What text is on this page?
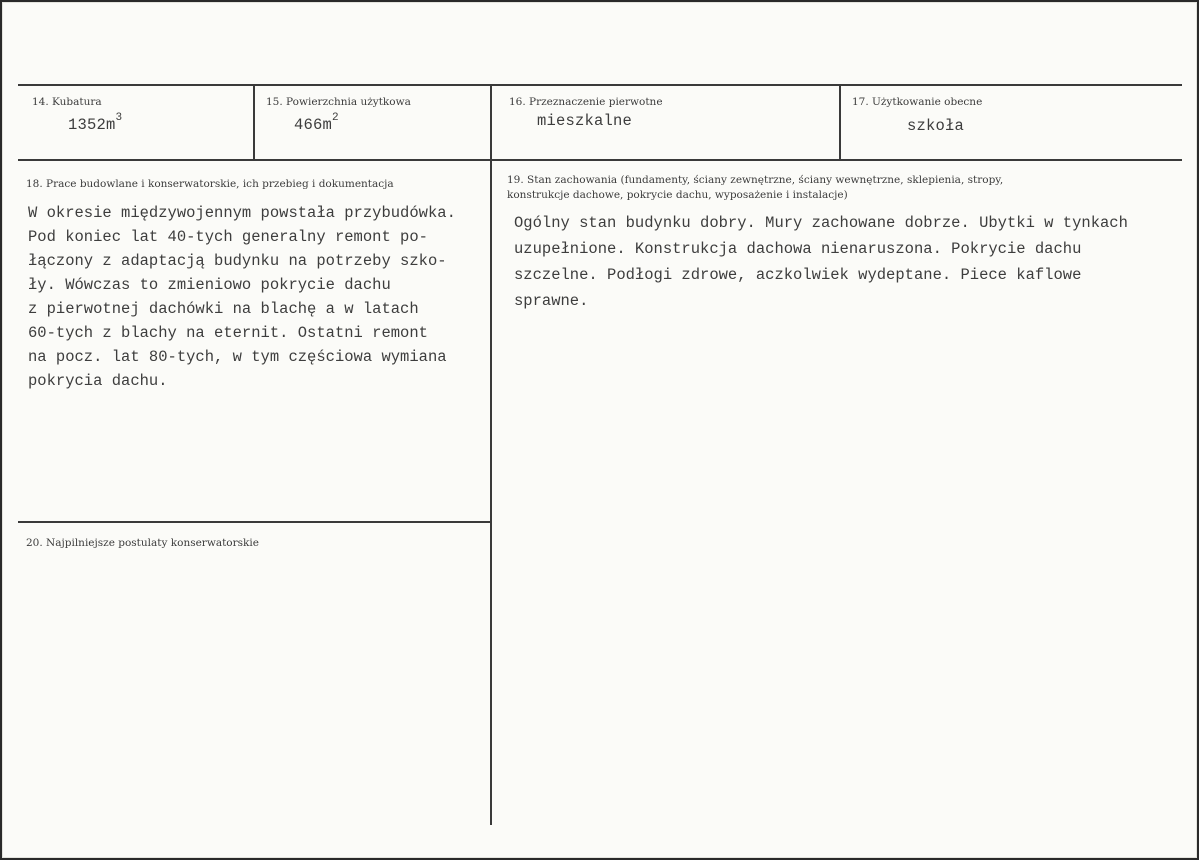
14. Kubatura
$1352m^3$
15. Powierzchnia użytkowa
$466m^2$
16. Przeznaczenie pierwotne
mieszkalne
17. Użytkowanie obecne
szkoła
18. Prace budowlane i konserwatorskie, ich przebieg i dokumentacja
W okresie międzywojennym powstała przybudówka.
Pod koniec lat 40-tych generalny remont po-
łączony z adaptacją budynku na potrzeby szko-
ły. Wówczas to zmieniowo pokrycie dachu
z pierwotnej dachówki na blachę a w latach
60-tych z blachy na eternit. Ostatni remont
na pocz. lat 80-tych, w tym częściowa wymiana
pokrycia dachu.
19. Stan zachowania (fundamenty, ściany zewnętrzne, ściany wewnętrzne, sklepienia, stropy,
konstrukcje dachowe, pokrycie dachu, wyposażenie i instalacje)
Ogólny stan budynku dobry. Mury zachowane dobrze. Ubytki w tynkach
uzupełnione. Konstrukcja dachowa nienaruszona. Pokrycie dachu
szczelne. Podłogi zdrowe, aczkolwiek wydeptane. Piece kaflowe
sprawne.
20. Najpilniejsze postulaty konserwatorskie
